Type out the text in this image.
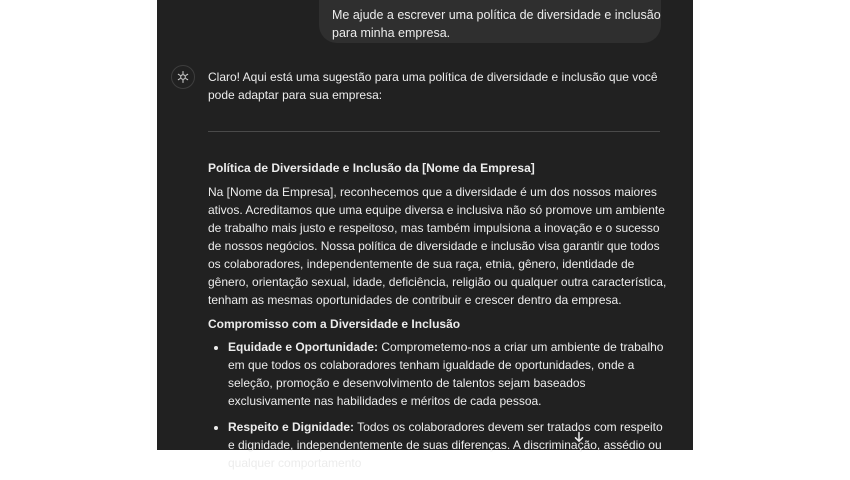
Me ajude a escrever uma política de diversidade e inclusão para minha empresa.

Claro! Aqui está uma sugestão para uma política de diversidade e inclusão que você pode adaptar para sua empresa:

Política de Diversidade e Inclusão da [Nome da Empresa]

Na [Nome da Empresa], reconhecemos que a diversidade é um dos nossos maiores ativos. Acreditamos que uma equipe diversa e inclusiva não só promove um ambiente de trabalho mais justo e respeitoso, mas também impulsiona a inovação e o sucesso de nossos negócios. Nossa política de diversidade e inclusão visa garantir que todos os colaboradores, independentemente de sua raça, etnia, gênero, identidade de gênero, orientação sexual, idade, deficiência, religião ou qualquer outra característica, tenham as mesmas oportunidades de contribuir e crescer dentro da empresa.

Compromisso com a Diversidade e Inclusão

• Equidade e Oportunidade: Comprometemo-nos a criar um ambiente de trabalho em que todos os colaboradores tenham igualdade de oportunidades, onde a seleção, promoção e desenvolvimento de talentos sejam baseados exclusivamente nas habilidades e méritos de cada pessoa.
• Respeito e Dignidade: Todos os colaboradores devem ser tratados com respeito e dignidade, independentemente de suas diferenças. A discriminação, assédio ou qualquer comportamento
